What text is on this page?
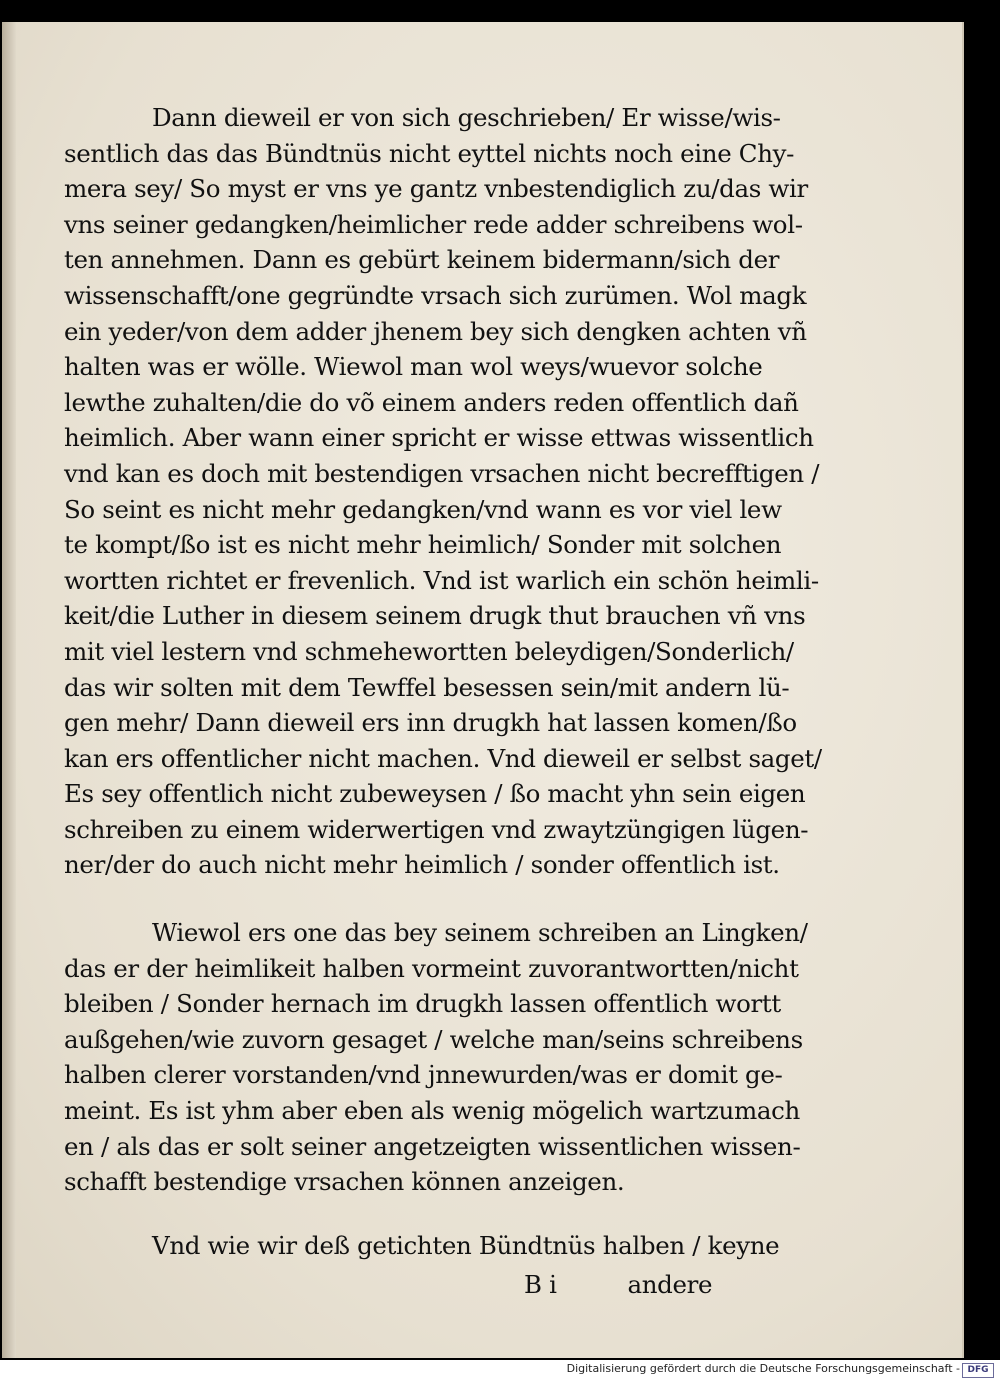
Dann dieweil er von sich geschrieben/ Er wisse/wis-
sentlich das das Bündtnüs nicht eyttel nichts noch eine Chy-
mera sey/ So myst er vns ye gantz vnbestendiglich zu/das wir
vns seiner gedangken/heimlicher rede adder schreibens wol-
ten annehmen. Dann es gebürt keinem bidermann/sich der
wissenschafft/one gegründte vrsach sich zurümen. Wol magk
ein yeder/von dem adder jhenem bey sich dengken achten vñ
halten was er wölle. Wiewol man wol weys/wuevor solche
lewthe zuhalten/die do võ einem anders reden offentlich dañ
heimlich. Aber wann einer spricht er wisse ettwas wissentlich
vnd kan es doch mit bestendigen vrsachen nicht becrefftigen /
So seint es nicht mehr gedangken/vnd wann es vor viel lew
te kompt/ßo ist es nicht mehr heimlich/ Sonder mit solchen
wortten richtet er frevenlich. Vnd ist warlich ein schön heimli-
keit/die Luther in diesem seinem drugk thut brauchen vñ vns
mit viel lestern vnd schmehewortten beleydigen/Sonderlich/
das wir solten mit dem Tewffel besessen sein/mit andern lü-
gen mehr/ Dann dieweil ers inn drugkh hat lassen komen/ßo
kan ers offentlicher nicht machen. Vnd dieweil er selbst saget/
Es sey offentlich nicht zubeweysen / ßo macht yhn sein eigen
schreiben zu einem widerwertigen vnd zwaytzüngigen lügen-
ner/der do auch nicht mehr heimlich / sonder offentlich ist.
Wiewol ers one das bey seinem schreiben an Lingken/
das er der heimlikeit halben vormeint zuvorantwortten/nicht
bleiben / Sonder hernach im drugkh lassen offentlich wortt
außgehen/wie zuvorn gesaget / welche man/seins schreibens
halben clerer vorstanden/vnd jnnewurden/was er domit ge-
meint. Es ist yhm aber eben als wenig mögelich wartzumach
en / als das er solt seiner angetzeigten wissentlichen wissen-
schafft bestendige vrsachen können anzeigen.
Vnd wie wir deß getichten Bündtnüs halben / keyne
B i	andere
Digitalisierung gefördert durch die Deutsche Forschungsgemeinschaft - DFG
